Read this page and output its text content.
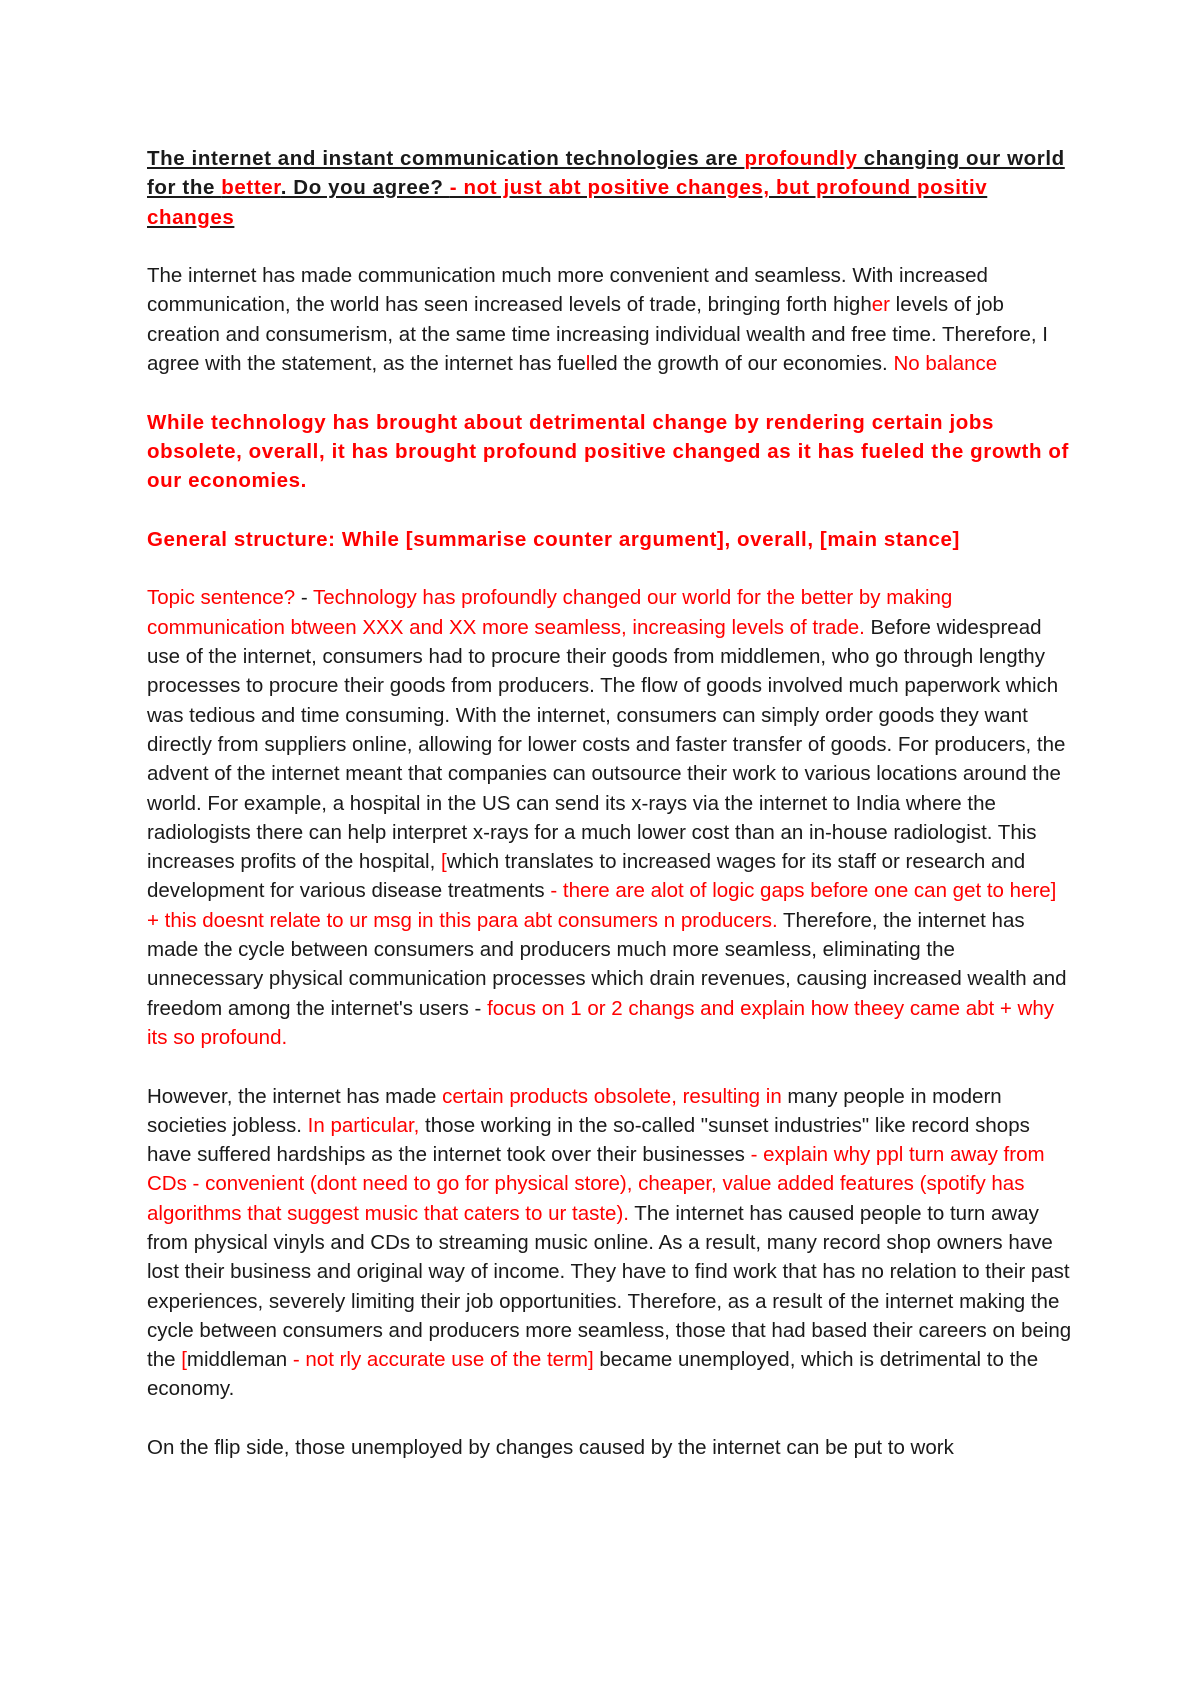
The internet and instant communication technologies are profoundly changing our world for the better. Do you agree? - not just abt positive changes, but profound positiv changes

The internet has made communication much more convenient and seamless. With increased communication, the world has seen increased levels of trade, bringing forth higher levels of job creation and consumerism, at the same time increasing individual wealth and free time. Therefore, I agree with the statement, as the internet has fuelled the growth of our economies. No balance

While technology has brought about detrimental change by rendering certain jobs obsolete, overall, it has brought profound positive changed as it has fueled the growth of our economies.

General structure: While [summarise counter argument], overall, [main stance]

Topic sentence? - Technology has profoundly changed our world for the better by making communication btween XXX and XX more seamless, increasing levels of trade. Before widespread use of the internet, consumers had to procure their goods from middlemen, who go through lengthy processes to procure their goods from producers. The flow of goods involved much paperwork which was tedious and time consuming. With the internet, consumers can simply order goods they want directly from suppliers online, allowing for lower costs and faster transfer of goods. For producers, the advent of the internet meant that companies can outsource their work to various locations around the world. For example, a hospital in the US can send its x-rays via the internet to India where the radiologists there can help interpret x-rays for a much lower cost than an in-house radiologist. This increases profits of the hospital, [which translates to increased wages for its staff or research and development for various disease treatments - there are alot of logic gaps before one can get to here] + this doesnt relate to ur msg in this para abt consumers n producers. Therefore, the internet has made the cycle between consumers and producers much more seamless, eliminating the unnecessary physical communication processes which drain revenues, causing increased wealth and freedom among the internet's users - focus on 1 or 2 changs and explain how theey came abt + why its so profound.

However, the internet has made certain products obsolete, resulting in many people in modern societies jobless. In particular, those working in the so-called "sunset industries" like record shops have suffered hardships as the internet took over their businesses - explain why ppl turn away from CDs - convenient (dont need to go for physical store), cheaper, value added features (spotify has algorithms that suggest music that caters to ur taste). The internet has caused people to turn away from physical vinyls and CDs to streaming music online. As a result, many record shop owners have lost their business and original way of income. They have to find work that has no relation to their past experiences, severely limiting their job opportunities. Therefore, as a result of the internet making the cycle between consumers and producers more seamless, those that had based their careers on being the [middleman - not rly accurate use of the term] became unemployed, which is detrimental to the economy.

On the flip side, those unemployed by changes caused by the internet can be put to work
